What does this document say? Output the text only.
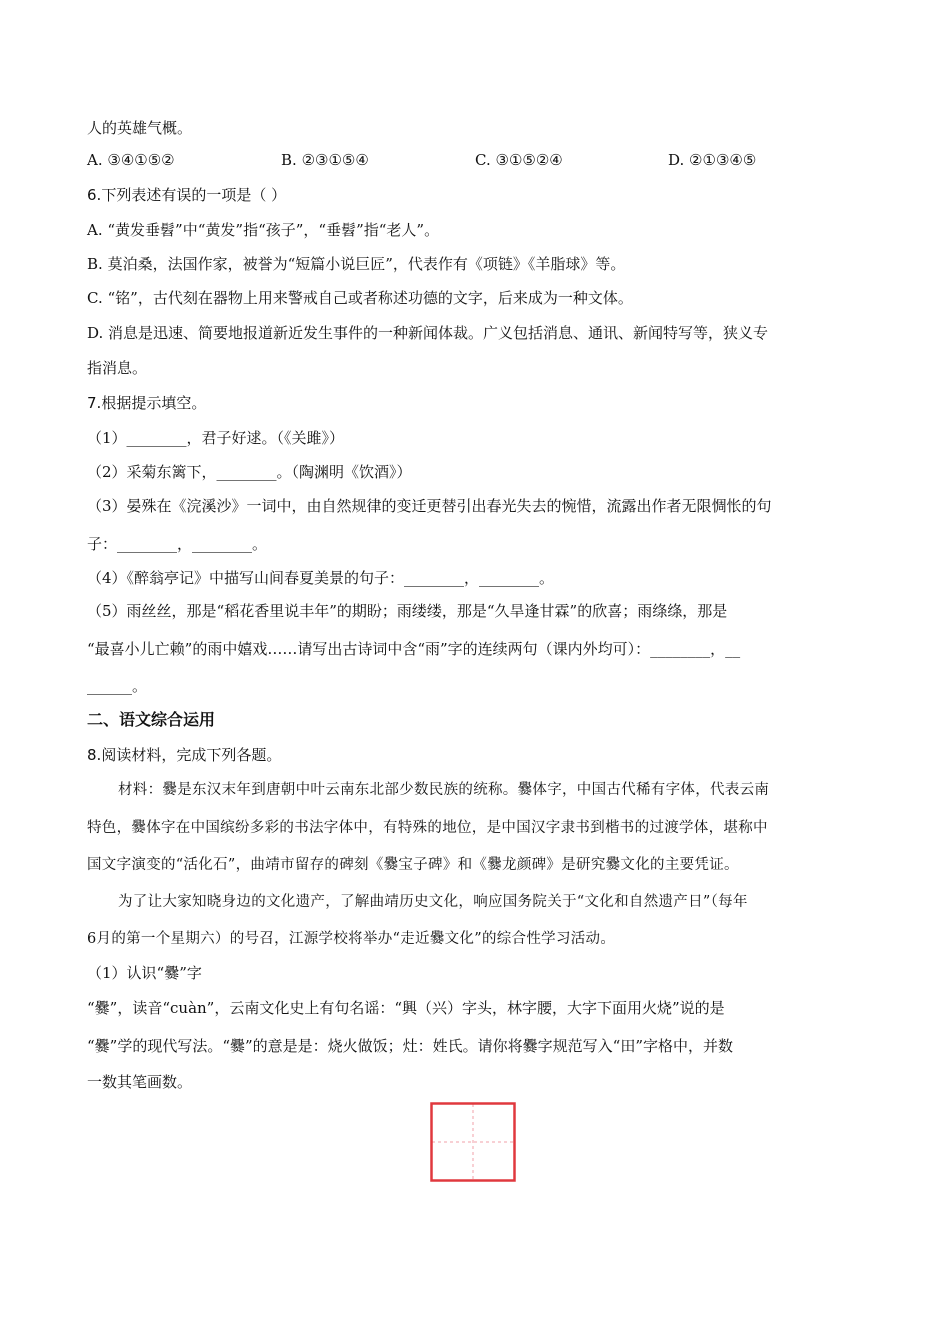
人的英雄气概。
A. ③④①⑤②	B. ②③①⑤④	C. ③①⑤②④	D. ②①③④⑤
6.下列表述有误的一项是（ ）
A. “黄发垂髫”中“黄发”指“孩子”，“垂髫”指“老人”。
B. 莫泊桑，法国作家，被誉为“短篇小说巨匠”，代表作有《项链》《羊脂球》等。
C. “铭”，古代刻在器物上用来警戒自己或者称述功德的文字，后来成为一种文体。
D. 消息是迅速、简要地报道新近发生事件的一种新闻体裁。广义包括消息、通讯、新闻特写等，狭义专
指消息。
7.根据提示填空。
（1）________，君子好逑。（《关雎》）
（2）采菊东篱下，________。（陶渊明《饮酒》）
（3）晏殊在《浣溪沙》一词中，由自然规律的变迁更替引出春光失去的惋惜，流露出作者无限惆怅的句
子：________，________。
（4）《醉翁亭记》中描写山间春夏美景的句子：________，________。
（5）雨丝丝，那是“稻花香里说丰年”的期盼；雨缕缕，那是“久旱逢甘霖”的欣喜；雨绦绦，那是
“最喜小儿亡赖”的雨中嬉戏……请写出古诗词中含“雨”字的连续两句（课内外均可）：________，__
______。
二、语文综合运用
8.阅读材料，完成下列各题。
材料：爨是东汉末年到唐朝中叶云南东北部少数民族的统称。爨体字，中国古代稀有字体，代表云南
特色，爨体字在中国缤纷多彩的书法字体中，有特殊的地位，是中国汉字隶书到楷书的过渡学体，堪称中
国文字演变的“活化石”，曲靖市留存的碑刻《爨宝子碑》和《爨龙颜碑》是研究爨文化的主要凭证。
为了让大家知晓身边的文化遗产，了解曲靖历史文化，响应国务院关于“文化和自然遗产日”（每年
6月的第一个星期六）的号召，江源学校将举办“走近爨文化”的综合性学习活动。
（1）认识“爨”字
“爨”，读音“cuàn”，云南文化史上有句名谣：“興（兴）字头，林字腰，大字下面用火烧”说的是
“爨”学的现代写法。“爨”的意是是：烧火做饭；灶：姓氏。请你将爨字规范写入“田”字格中，并数
一数其笔画数。
